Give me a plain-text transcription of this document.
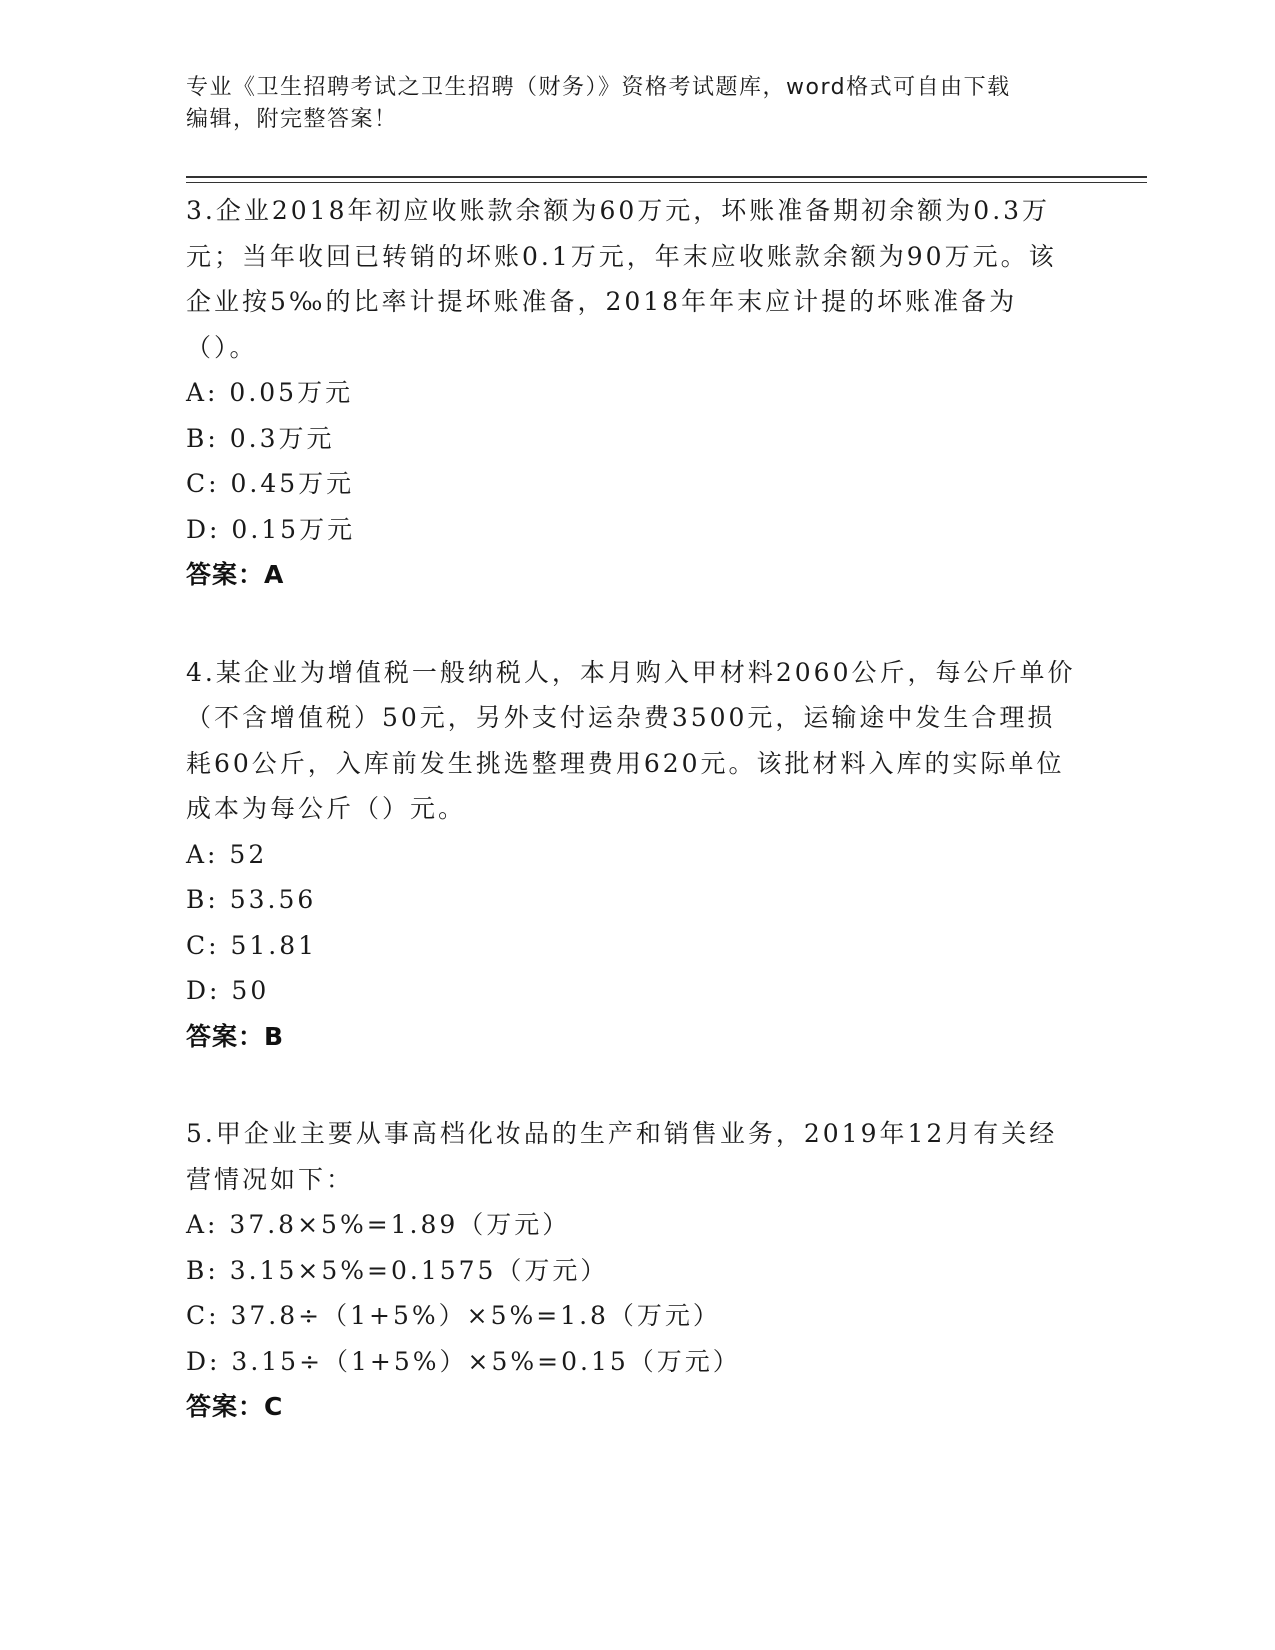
专业《卫生招聘考试之卫生招聘（财务）》资格考试题库，word格式可自由下载
编辑，附完整答案！

3.企业2018年初应收账款余额为60万元，坏账准备期初余额为0.3万元；当年收回已转销的坏账0.1万元，年末应收账款余额为90万元。该企业按5‰的比率计提坏账准备，2018年年末应计提的坏账准备为（）。

A: 0.05万元

B: 0.3万元

C: 0.45万元

D: 0.15万元

答案：A

4.某企业为增值税一般纳税人，本月购入甲材料2060公斤，每公斤单价（不含增值税）50元，另外支付运杂费3500元，运输途中发生合理损耗60公斤，入库前发生挑选整理费用620元。该批材料入库的实际单位成本为每公斤（）元。

A: 52

B: 53.56

C: 51.81

D: 50

答案：B

5.甲企业主要从事高档化妆品的生产和销售业务，2019年12月有关经营情况如下：

A: 37.8×5%=1.89（万元）

B: 3.15×5%=0.1575（万元）

C: 37.8÷（1+5%）×5%=1.8（万元）

D: 3.15÷（1+5%）×5%=0.15（万元）

答案：C
